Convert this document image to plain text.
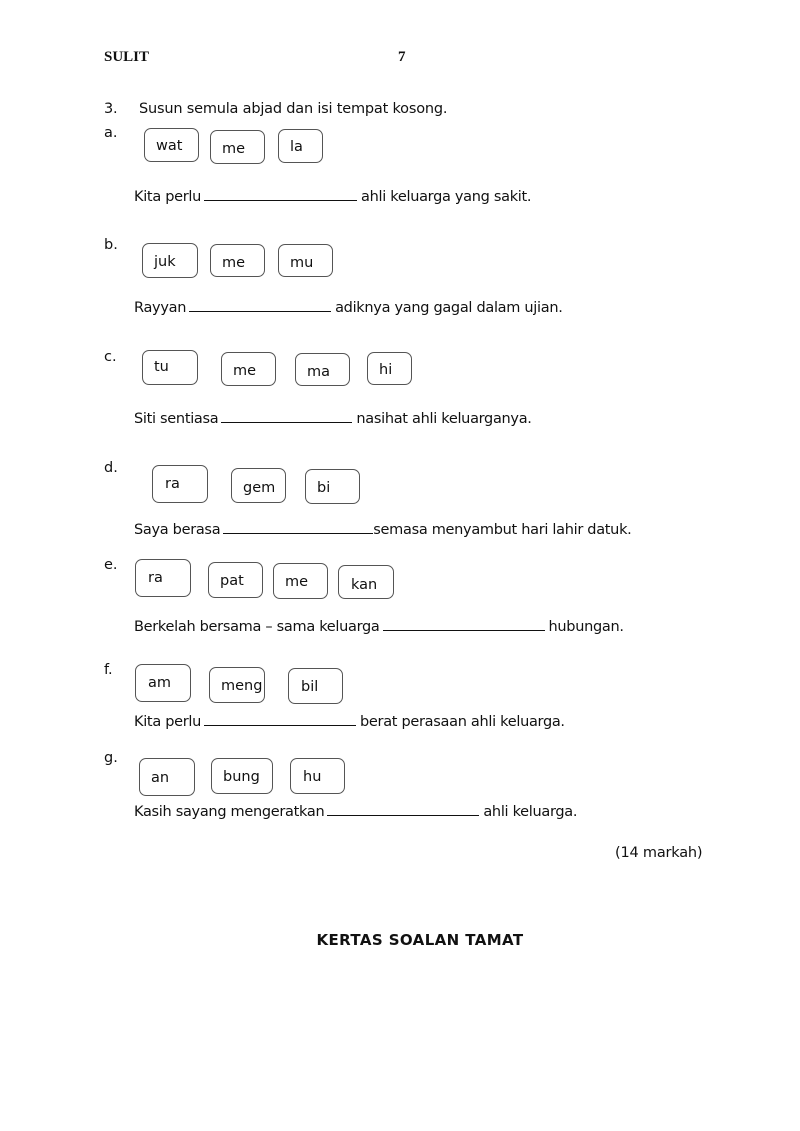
SULIT	7
3. Susun semula abjad dan isi tempat kosong.
a.
wat	me	la
Kita perlu	ahli keluarga yang sakit.
b.
juk	me	mu
Rayyan	adiknya yang gagal dalam ujian.
c.
tu	me	ma	hi
Siti sentiasa	nasihat ahli keluarganya.
d.
ra	gem	bi
Saya berasa	semasa menyambut hari lahir datuk.
e.
ra	pat	me	kan
Berkelah bersama – sama keluarga	hubungan.
f.
am	meng	bil
Kita perlu	berat perasaan ahli keluarga.
g.
an	bung	hu
Kasih sayang mengeratkan	ahli keluarga.
(14 markah)
KERTAS SOALAN TAMAT
